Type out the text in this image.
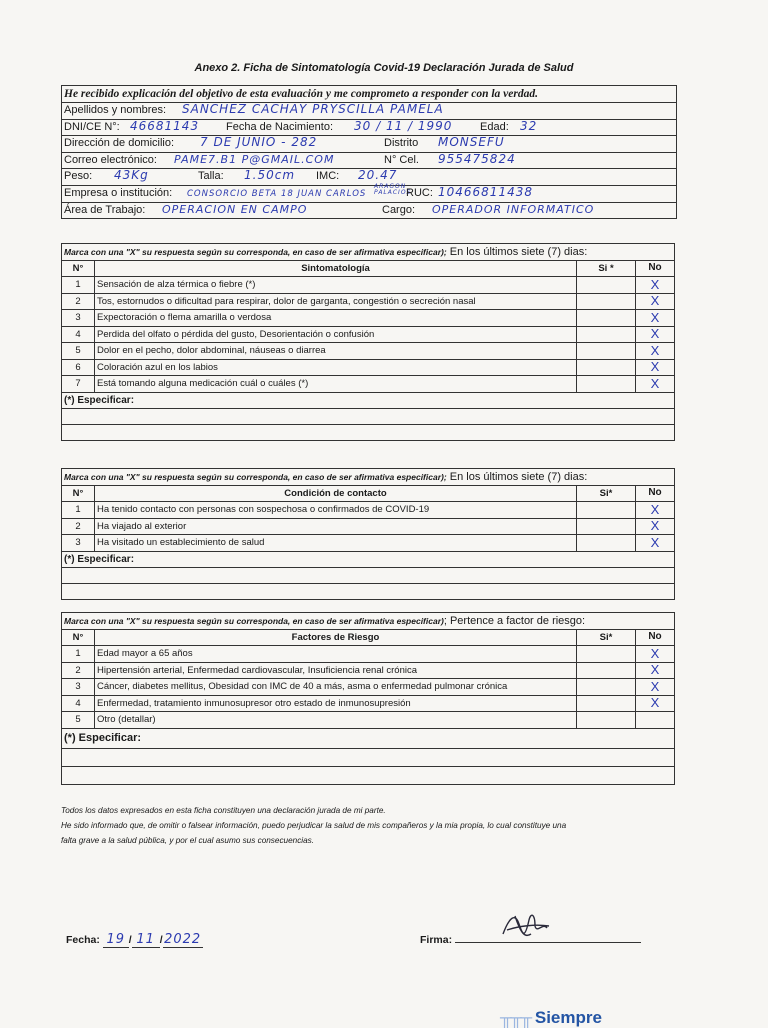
Anexo 2. Ficha de Sintomatología Covid-19 Declaración Jurada de Salud
He recibido explicación del objetivo de esta evaluación y me comprometo a responder con la verdad.
Apellidos y nombres: SANCHEZ CACHAY PRYSCILLA PAMELA
DNI/CE N°: 46681143 Fecha de Nacimiento: 30 / 11 / 1990	Edad: 32
Dirección de domicilio: 7 DE JUNIO - 282	Distrito MONSEFU
Correo electrónico: PAME7.B1 P@GMAIL.COM	N° Cel. 955475824
Peso: 43Kg	Talla: 1.50cm IMC: 20.47
Empresa o institución: CONSORCIO BETA 18 JUAN CARLOS
ARAGON PALACIOS
RUC: 10466811438
Área de Trabajo: OPERACION EN CAMPO	Cargo: OPERADOR INFORMATICO
Marca con una "X" su respuesta según su corresponda, en caso de ser afirmativa especificar); En los últimos siete (7) dias:			
N°	Sintomatología	Si *	No
1	Sensación de alza térmica o fiebre (*)		X
2	Tos, estornudos o dificultad para respirar, dolor de garganta, congestión o secreción nasal		X
3	Expectoración o flema amarilla o verdosa		X
4	Perdida del olfato o pérdida del gusto, Desorientación o confusión		X
5	Dolor en el pecho, dolor abdominal, náuseas o diarrea		X
6	Coloración azul en los labios		X
7	Está tomando alguna medicación cuál o cuáles (*)		X
(*) Especificar:			

Marca con una "X" su respuesta según su corresponda, en caso de ser afirmativa especificar); En los últimos siete (7) dias:			
N°	Condición de contacto	Si*	No
1	Ha tenido contacto con personas con sospechosa o confirmados de COVID-19		X
2	Ha viajado al exterior		X
3	Ha visitado un establecimiento de salud		X
(*) Especificar:			

Marca con una "X" su respuesta según su corresponda, en caso de ser afirmativa especificar); Pertence a factor de riesgo:			
N°	Factores de Riesgo	Si*	No
1	Edad mayor a 65 años		X
2	Hipertensión arterial, Enfermedad cardiovascular, Insuficiencia renal crónica		X
3	Cáncer, diabetes mellitus, Obesidad con IMC de 40 a más, asma o enfermedad pulmonar crónica		X
4	Enfermedad, tratamiento inmunosupresor otro estado de inmunosupresión		X
5	Otro (detallar)		
(*) Especificar:			

Todos los datos expresados en esta ficha constituyen una declaración jurada de mi parte.
He sido informado que, de omitir o falsear información, puedo perjudicar la salud de mis compañeros y la mia propia, lo cual constituye una
falta grave a la salud pública, y por el cual asumo sus consecuencias.
Fecha: 19 / 11 /2022	Firma:
╥╥╥ Siempre
